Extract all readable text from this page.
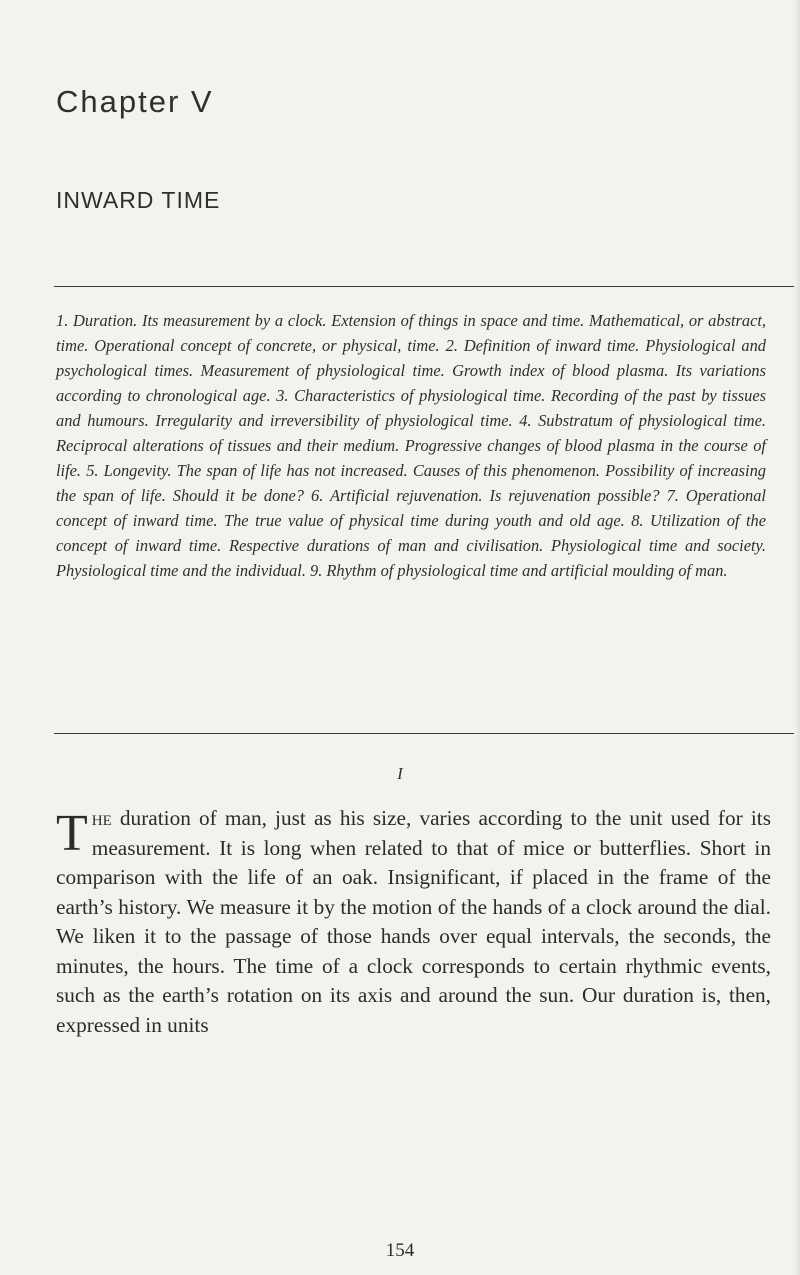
Chapter V
INWARD TIME

1. Duration. Its measurement by a clock. Extension of things in space and time. Mathematical, or abstract, time. Operational concept of concrete, or physical, time. 2. Definition of inward time. Physiological and psychological times. Measurement of physiological time. Growth index of blood plasma. Its variations according to chronological age. 3. Characteristics of physiological time. Recording of the past by tissues and humours. Irregularity and irreversibility of physiological time. 4. Substratum of physiological time. Reciprocal alterations of tissues and their medium. Progressive changes of blood plasma in the course of life. 5. Longevity. The span of life has not increased. Causes of this phenomenon. Possibility of increasing the span of life. Should it be done? 6. Artificial rejuvenation. Is rejuvenation possible? 7. Operational concept of inward time. The true value of physical time during youth and old age. 8. Utilization of the concept of inward time. Respective durations of man and civilisation. Physiological time and society. Physiological time and the individual. 9. Rhythm of physiological time and artificial moulding of man.

I

The duration of man, just as his size, varies according to the unit used for its measurement. It is long when related to that of mice or butterflies. Short in comparison with the life of an oak. Insignificant, if placed in the frame of the earth’s history. We measure it by the motion of the hands of a clock around the dial. We liken it to the passage of those hands over equal intervals, the seconds, the minutes, the hours. The time of a clock corresponds to certain rhythmic events, such as the earth’s rotation on its axis and around the sun. Our duration is, then, expressed in units

154
